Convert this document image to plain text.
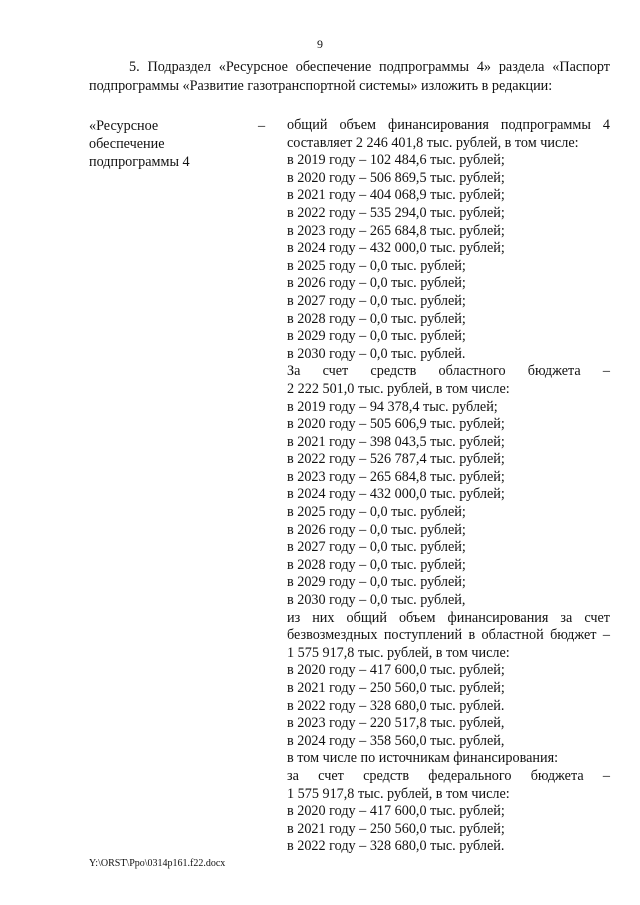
9

5. Подраздел «Ресурсное обеспечение подпрограммы 4» раздела «Паспорт подпрограммы «Развитие газотранспортной системы» изложить в редакции:

«Ресурсное
обеспечение
подпрограммы 4
– общий объем финансирования подпрограммы 4
составляет 2 246 401,8 тыс. рублей, в том числе:
в 2019 году – 102 484,6 тыс. рублей;
в 2020 году – 506 869,5 тыс. рублей;
в 2021 году – 404 068,9 тыс. рублей;
в 2022 году – 535 294,0 тыс. рублей;
в 2023 году – 265 684,8 тыс. рублей;
в 2024 году – 432 000,0 тыс. рублей;
в 2025 году – 0,0 тыс. рублей;
в 2026 году – 0,0 тыс. рублей;
в 2027 году – 0,0 тыс. рублей;
в 2028 году – 0,0 тыс. рублей;
в 2029 году – 0,0 тыс. рублей;
в 2030 году – 0,0 тыс. рублей.
За счет средств областного бюджета –
2 222 501,0 тыс. рублей, в том числе:
в 2019 году – 94 378,4 тыс. рублей;
в 2020 году – 505 606,9 тыс. рублей;
в 2021 году – 398 043,5 тыс. рублей;
в 2022 году – 526 787,4 тыс. рублей;
в 2023 году – 265 684,8 тыс. рублей;
в 2024 году – 432 000,0 тыс. рублей;
в 2025 году – 0,0 тыс. рублей;
в 2026 году – 0,0 тыс. рублей;
в 2027 году – 0,0 тыс. рублей;
в 2028 году – 0,0 тыс. рублей;
в 2029 году – 0,0 тыс. рублей;
в 2030 году – 0,0 тыс. рублей,
из них общий объем финансирования за счет
безвозмездных поступлений в областной бюджет –
1 575 917,8 тыс. рублей, в том числе:
в 2020 году – 417 600,0 тыс. рублей;
в 2021 году – 250 560,0 тыс. рублей;
в 2022 году – 328 680,0 тыс. рублей.
в 2023 году – 220 517,8 тыс. рублей,
в 2024 году – 358 560,0 тыс. рублей,
в том числе по источникам финансирования:
за счет средств федерального бюджета –
1 575 917,8 тыс. рублей, в том числе:
в 2020 году – 417 600,0 тыс. рублей;
в 2021 году – 250 560,0 тыс. рублей;
в 2022 году – 328 680,0 тыс. рублей.
Y:\ORST\Ppo\0314p161.f22.docx
